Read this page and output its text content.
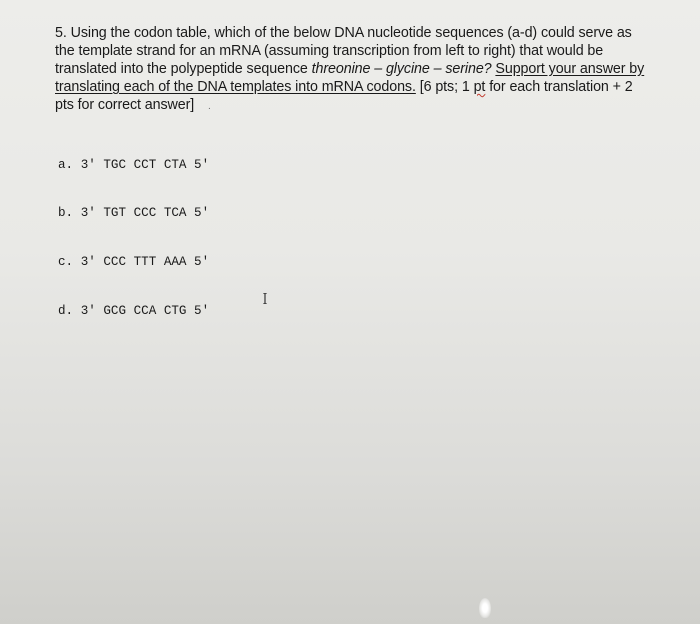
5. Using the codon table, which of the below DNA nucleotide sequences (a-d) could serve as the template strand for an mRNA (assuming transcription from left to right) that would be translated into the polypeptide sequence threonine – glycine – serine? Support your answer by translating each of the DNA templates into mRNA codons. [6 pts; 1 pt for each translation + 2 pts for correct answer] .

a. 3' TGC CCT CTA 5'

b. 3' TGT CCC TCA 5'

c. 3' CCC TTT AAA 5'

d. 3' GCG CCA CTG 5'

I
